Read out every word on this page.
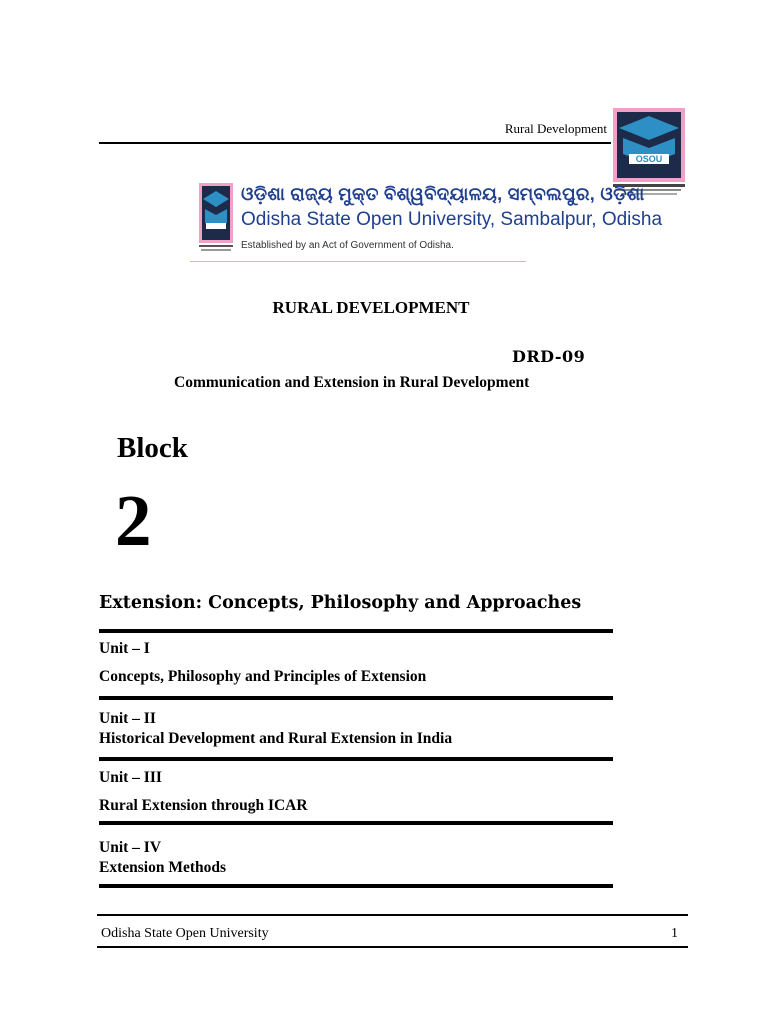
Rural Development
OSOU
ଓଡ଼ିଶା ରାଜ୍ୟ ମୁକ୍ତ ବିଶ୍ୱବିଦ୍ୟାଳୟ, ସମ୍ବଲପୁର, ଓଡ଼ିଶା
Odisha State Open University, Sambalpur, Odisha
Established by an Act of Government of Odisha.
RURAL DEVELOPMENT
DRD-09
Communication and Extension in Rural Development
Block
2
Extension: Concepts, Philosophy and Approaches
Unit – I
Concepts, Philosophy and Principles of Extension
Unit – II
Historical Development and Rural Extension in India
Unit – III
Rural Extension through ICAR
Unit – IV
Extension Methods
Odisha State Open University	1
